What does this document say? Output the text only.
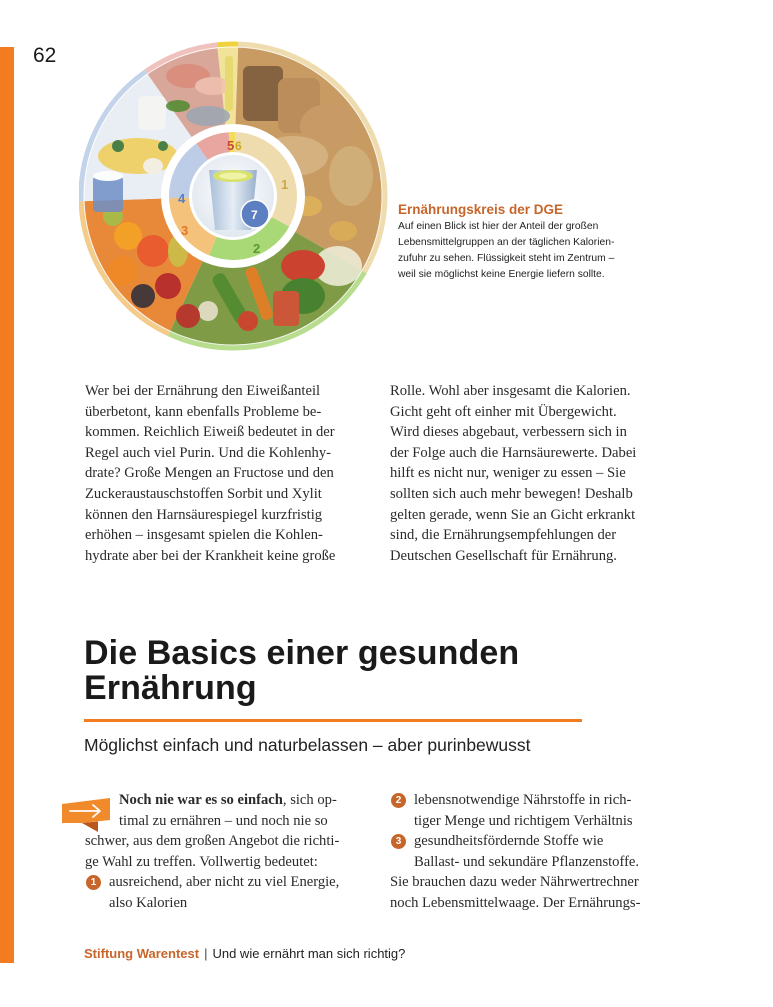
62
5 6
1
2
3
4
7	Ernährungskreis der DGE
Auf einen Blick ist hier der Anteil der großen
Lebensmittelgruppen an der täglichen Kalorien-
zufuhr zu sehen. Flüssigkeit steht im Zentrum –
weil sie möglichst keine Energie liefern sollte.
Wer bei der Ernährung den Eiweißanteil
überbetont, kann ebenfalls Probleme be-
kommen. Reichlich Eiweiß bedeutet in der
Regel auch viel Purin. Und die Kohlenhy-
drate? Große Mengen an Fructose und den
Zuckeraustauschstoffen Sorbit und Xylit
können den Harnsäurespiegel kurzfristig
erhöhen – insgesamt spielen die Kohlen-
hydrate aber bei der Krankheit keine große
Rolle. Wohl aber insgesamt die Kalorien.
Gicht geht oft einher mit Übergewicht.
Wird dieses abgebaut, verbessern sich in
der Folge auch die Harnsäurewerte. Dabei
hilft es nicht nur, weniger zu essen – Sie
sollten sich auch mehr bewegen! Deshalb
gelten gerade, wenn Sie an Gicht erkrankt
sind, die Ernährungsempfehlungen der
Deutschen Gesellschaft für Ernährung.
Die Basics einer gesunden
Ernährung
Möglichst einfach und naturbelassen – aber purinbewusst
Noch nie war es so einfach, sich op-
timal zu ernähren – und noch nie so
schwer, aus dem großen Angebot die richti-
ge Wahl zu treffen. Vollwertig bedeutet:
1 ausreichend, aber nicht zu viel Energie,
also Kalorien
2 lebensnotwendige Nährstoffe in rich-
tiger Menge und richtigem Verhältnis
3 gesundheitsfördernde Stoffe wie
Ballast- und sekundäre Pflanzenstoffe.
Sie brauchen dazu weder Nährwertrechner
noch Lebensmittelwaage. Der Ernährungs-
Stiftung Warentest | Und wie ernährt man sich richtig?
